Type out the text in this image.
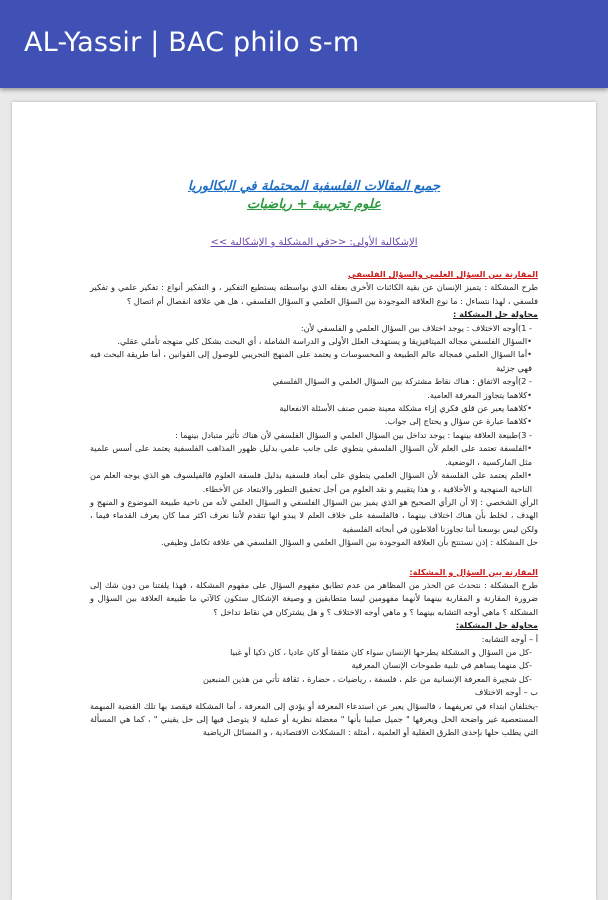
AL-Yassir | BAC philo s-m
جميع المقالات الفلسفية المحتملة في البكالوريا
علوم تجريبية + رياضيات
الإشكالية الأولى: <<في المشكلة و الإشكالية >>
المقارنة بين السؤال العلمي والسؤال الفلسفي

طرح المشكلة : يتميز الإنسان عن بقية الكائنات الأخرى بعقله الذي بواسطته يستطيع التفكير ، و التفكير أنواع : تفكير علمي و تفكير فلسفي ، لهذا نتساءل : ما نوع العلاقة الموجودة بين السؤال العلمي و السؤال الفلسفي ، هل هي علاقة انفصال أم اتصال ؟

محاولة حل المشكلة :

- 1)أوجه الاختلاف : يوجد اختلاف بين السؤال العلمي و الفلسفي لأن:

•السؤال الفلسفي مجاله الميتافيزيقا و يستهدف العلل الأولى و الدراسة الشاملة ، أي البحث بشكل كلي منهجه تأملي عقلي.

•أما السؤال العلمي فمجاله عالم الطبيعة و المحسوسات و يعتمد على المنهج التجريبي للوصول إلى القوانين ، أما طريقة البحث فيه فهي جزئية

- 2)أوجه الاتفاق : هناك نقاط مشتركة بين السؤال العلمي و السؤال الفلسفي

•كلاهما يتجاوز المعرفة العامية.

•كلاهما يعبر عن قلق فكري إزاء مشكلة معينة ضمن صنف الأسئلة الانفعالية

•كلاهما عبارة عن سؤال و يحتاج إلى جواب.

- 3)طبيعة العلاقة بينهما : يوجد تداخل بين السؤال العلمي و السؤال الفلسفي لأن هناك تأثير متبادل بينهما :

•الفلسفة تعتمد على العلم لأن السؤال الفلسفي ينطوي على جانب علمي بدليل ظهور المذاهب الفلسفية يعتمد على أسس علمية مثل الماركسية ، الوضعية.

•العلم يعتمد على الفلسفة لأن السؤال العلمي ينطوي على أبعاد فلسفية بدليل فلسفة العلوم فالفيلسوف هو الذي يوجه العلم من الناحية المنهجية و الأخلاقية ، و هذا يتقييم و نقد العلوم من أجل تحقيق التطور والابتعاد عن الأخطاء.

الرأي الشخصي : إلا أن الرأي الصحيح هو الذي يميز بين السؤال الفلسفي و السؤال العلمي لأنه من ناحية طبيعة الموضوع و المنهج و الهدف ، لخلط بأن هناك اختلاف بينهما ، فالفلسفة على خلاف العلم لا يبدو انها تتقدم لأننا نعرف اكثر مما كان يعرف القدماء فيما ، ولكن ليس بوسعنا أننا تجاوزنا أفلاطون في أبحاثه الفلسفية

حل المشكلة : إذن نستنتج بأن العلاقة الموجودة بين السؤال العلمي و السؤال الفلسفي هي علاقة تكامل وظيفي.

المقارنة بين السؤال و المشكلة:

طرح المشكلة : نتحدث عن الحذر من المظاهر من عدم تطابق مفهوم السؤال على مفهوم المشكلة ، فهذا يلفتنا من دون شك إلى ضرورة المقارنة و المقاربة بينهما لأنهما مفهومين ليسا متطابقين و وصيغة الإشكال ستكون كالآتي ما طبيعة العلاقة بين السؤال و المشكلة ؟ ماهي أوجه التشابه بينهما ؟ و ماهي أوجه الاختلاف ؟ و هل يشتركان في نقاط تداخل ؟

محاولة حل المشكلة:

أ – أوجه التشابه:

-كل من السؤال و المشكلة يطرحها الإنسان سواء كان مثقفا أو كان عاديا ، كان ذكيا أو غبيا

-كل منهما يساهم في تلبية طموحات الإنسان المعرفية

-كل شجيرة المعرفة الإنسانية من علم ، فلسفة ، رياضيات ، حضارة ، ثقافة تأتي من هذين المنبعين

ب – أوجه الاختلاف

-يختلفان ابتداء في تعريفهما ، فالسؤال يعبر عن استدعاء المعرفة أو يؤدي إلى المعرفة ، أما المشكلة فيقصد بها تلك القضية المبهمة المستعصية غير واضحة الحل ويعرفها " جميل صليبا بأنها " معضلة نظرية أو عملية لا يتوصل فيها إلى حل يقيني " ، كما هي المسألة التي يطلب حلها بإحدى الطرق العقلية أو العلمية ، أمثلة : المشكلات الاقتصادية ، و المسائل الرياضية
